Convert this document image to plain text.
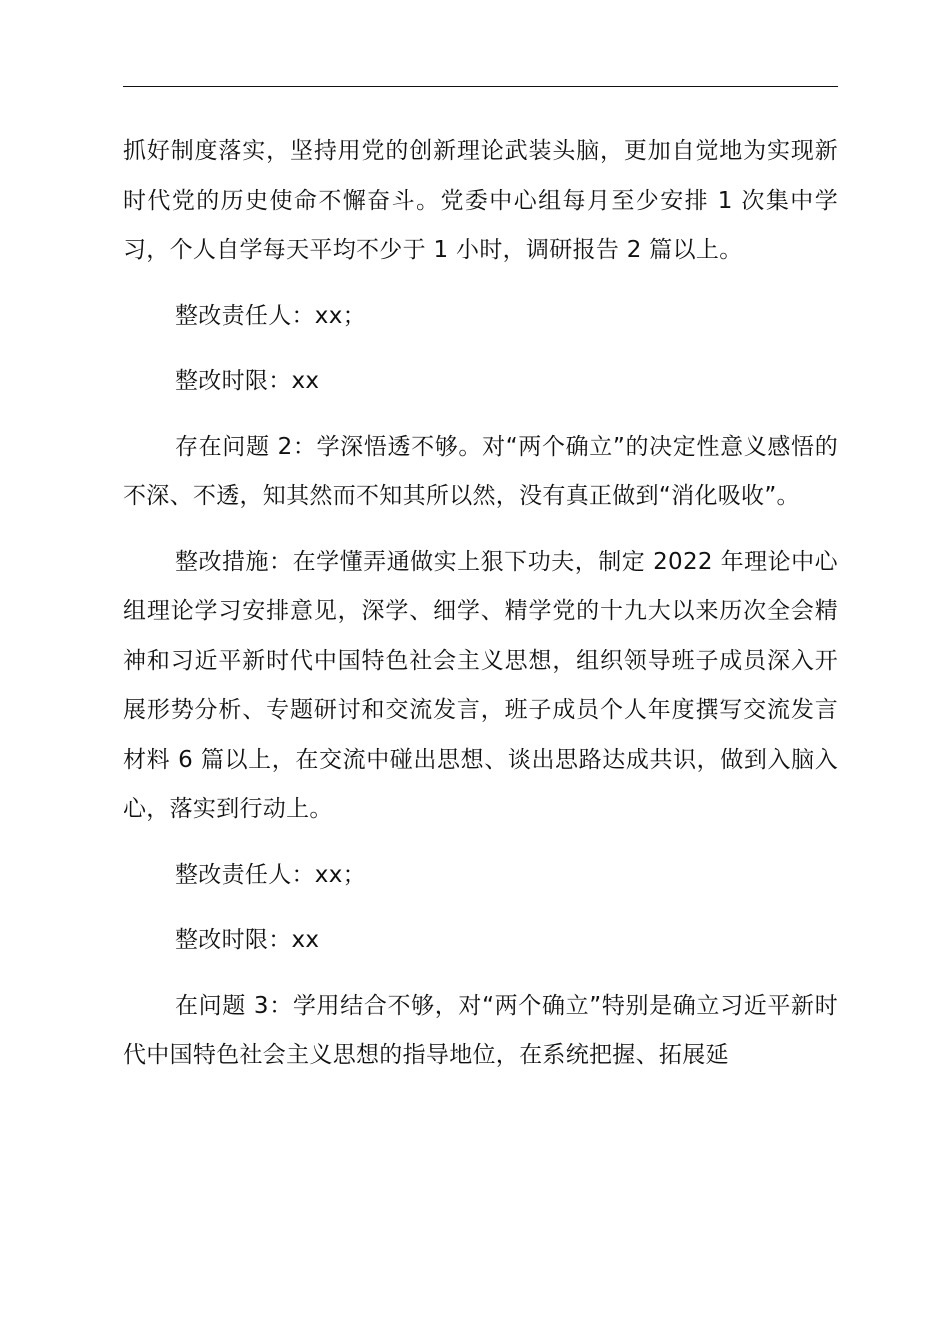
抓好制度落实，坚持用党的创新理论武装头脑，更加自觉地为实现新时代党的历史使命不懈奋斗。党委中心组每月至少安排 1 次集中学习，个人自学每天平均不少于 1 小时，调研报告 2 篇以上。

整改责任人：xx；

整改时限：xx

存在问题 2：学深悟透不够。对“两个确立”的决定性意义感悟的不深、不透，知其然而不知其所以然，没有真正做到“消化吸收”。

整改措施：在学懂弄通做实上狠下功夫，制定 2022 年理论中心组理论学习安排意见，深学、细学、精学党的十九大以来历次全会精神和习近平新时代中国特色社会主义思想，组织领导班子成员深入开展形势分析、专题研讨和交流发言，班子成员个人年度撰写交流发言材料 6 篇以上，在交流中碰出思想、谈出思路达成共识，做到入脑入心，落实到行动上。

整改责任人：xx；

整改时限：xx

在问题 3：学用结合不够，对“两个确立”特别是确立习近平新时代中国特色社会主义思想的指导地位，在系统把握、拓展延
